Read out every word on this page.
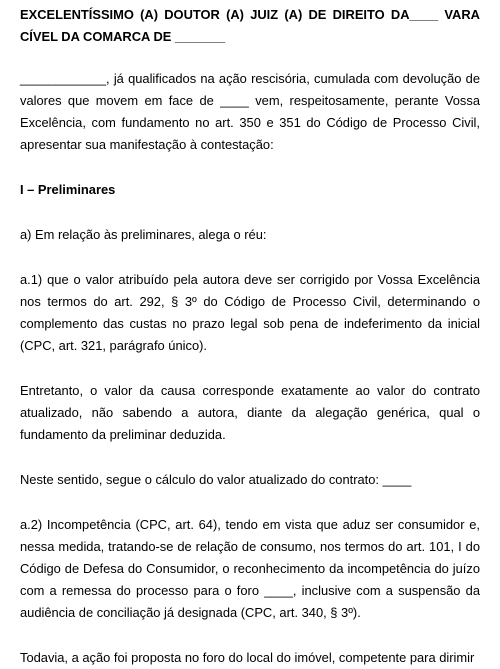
EXCELENTÍSSIMO (A) DOUTOR (A) JUIZ (A) DE DIREITO DA____ VARA CÍVEL DA COMARCA DE _______

____________, já qualificados na ação rescisória, cumulada com devolução de valores que movem em face de ____ vem, respeitosamente, perante Vossa Excelência, com fundamento no art. 350 e 351 do Código de Processo Civil, apresentar sua manifestação à contestação:

I – Preliminares

a) Em relação às preliminares, alega o réu:

a.1) que o valor atribuído pela autora deve ser corrigido por Vossa Excelência nos termos do art. 292, § 3º do Código de Processo Civil, determinando o complemento das custas no prazo legal sob pena de indeferimento da inicial (CPC, art. 321, parágrafo único).

Entretanto, o valor da causa corresponde exatamente ao valor do contrato atualizado, não sabendo a autora, diante da alegação genérica, qual o fundamento da preliminar deduzida.

Neste sentido, segue o cálculo do valor atualizado do contrato: ____

a.2) Incompetência (CPC, art. 64), tendo em vista que aduz ser consumidor e, nessa medida, tratando-se de relação de consumo, nos termos do art. 101, I do Código de Defesa do Consumidor, o reconhecimento da incompetência do juízo com a remessa do processo para o foro ____, inclusive com a suspensão da audiência de conciliação já designada (CPC, art. 340, § 3º).

Todavia, a ação foi proposta no foro do local do imóvel, competente para dirimir
